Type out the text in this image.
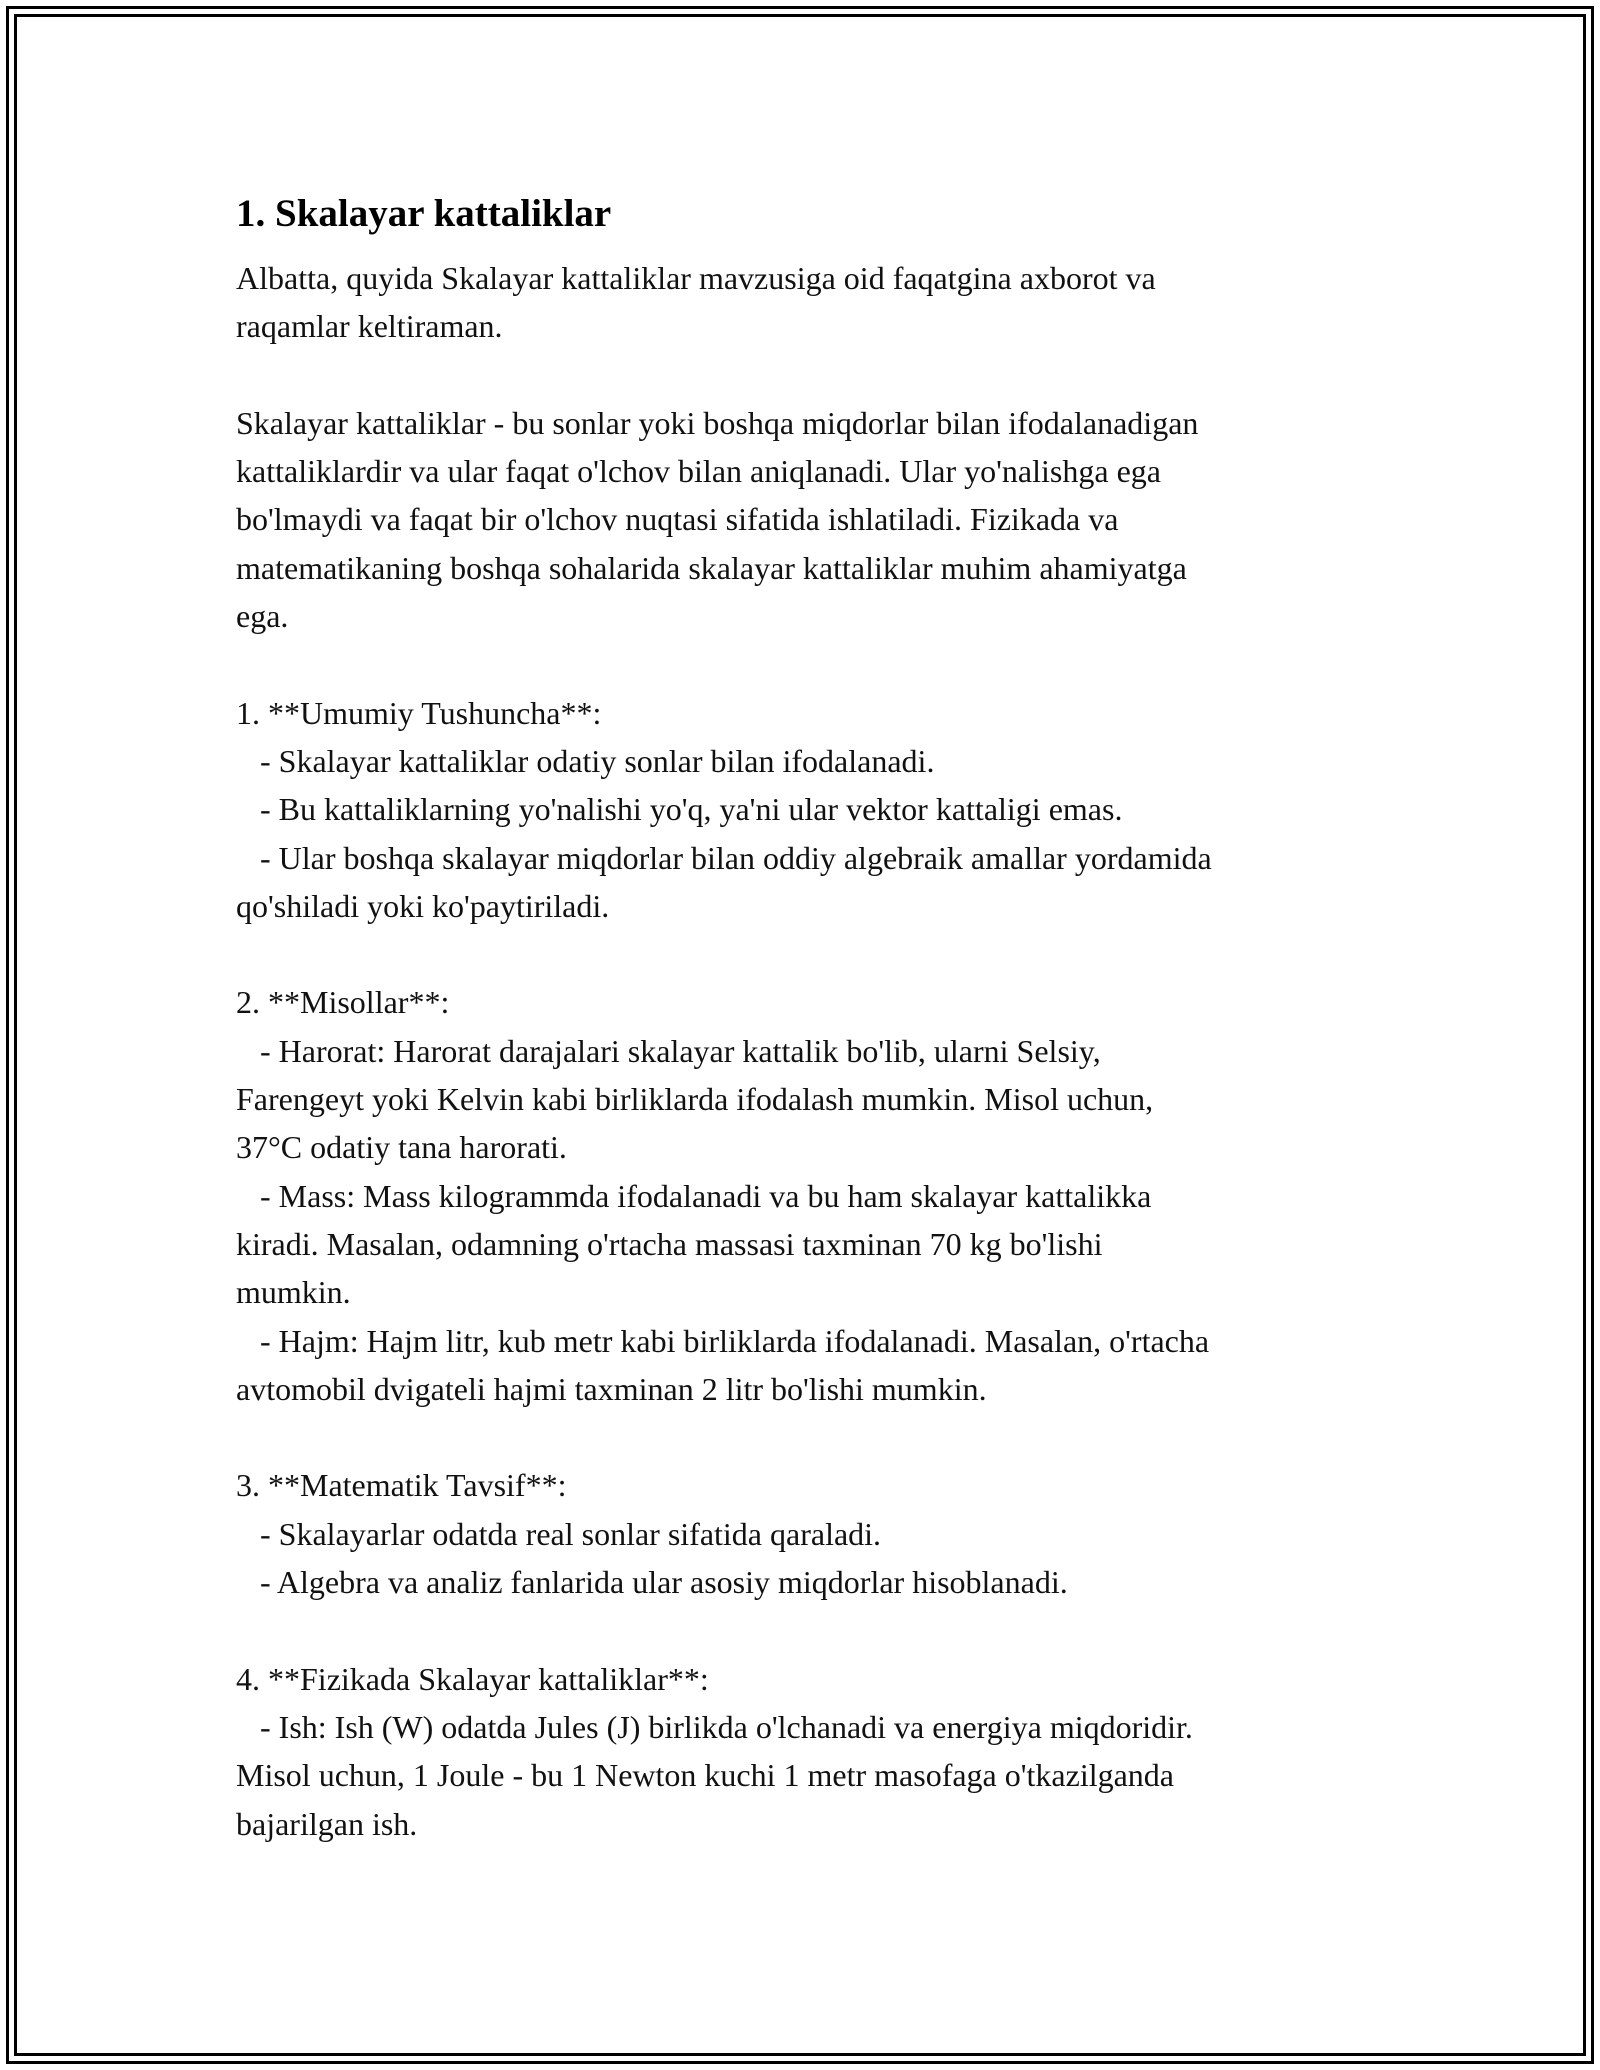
1. Skalayar kattaliklar

Albatta, quyida Skalayar kattaliklar mavzusiga oid faqatgina axborot va
raqamlar keltiraman.

Skalayar kattaliklar - bu sonlar yoki boshqa miqdorlar bilan ifodalanadigan
kattaliklardir va ular faqat o'lchov bilan aniqlanadi. Ular yo'nalishga ega
bo'lmaydi va faqat bir o'lchov nuqtasi sifatida ishlatiladi. Fizikada va
matematikaning boshqa sohalarida skalayar kattaliklar muhim ahamiyatga
ega.

1. **Umumiy Tushuncha**:
- Skalayar kattaliklar odatiy sonlar bilan ifodalanadi.
- Bu kattaliklarning yo'nalishi yo'q, ya'ni ular vektor kattaligi emas.
- Ular boshqa skalayar miqdorlar bilan oddiy algebraik amallar yordamida
qo'shiladi yoki ko'paytiriladi.

2. **Misollar**:
- Harorat: Harorat darajalari skalayar kattalik bo'lib, ularni Selsiy,
Farengeyt yoki Kelvin kabi birliklarda ifodalash mumkin. Misol uchun,
37°C odatiy tana harorati.
- Mass: Mass kilogrammda ifodalanadi va bu ham skalayar kattalikka
kiradi. Masalan, odamning o'rtacha massasi taxminan 70 kg bo'lishi
mumkin.
- Hajm: Hajm litr, kub metr kabi birliklarda ifodalanadi. Masalan, o'rtacha
avtomobil dvigateli hajmi taxminan 2 litr bo'lishi mumkin.

3. **Matematik Tavsif**:
- Skalayarlar odatda real sonlar sifatida qaraladi.
- Algebra va analiz fanlarida ular asosiy miqdorlar hisoblanadi.

4. **Fizikada Skalayar kattaliklar**:
- Ish: Ish (W) odatda Jules (J) birlikda o'lchanadi va energiya miqdoridir.
Misol uchun, 1 Joule - bu 1 Newton kuchi 1 metr masofaga o'tkazilganda
bajarilgan ish.
